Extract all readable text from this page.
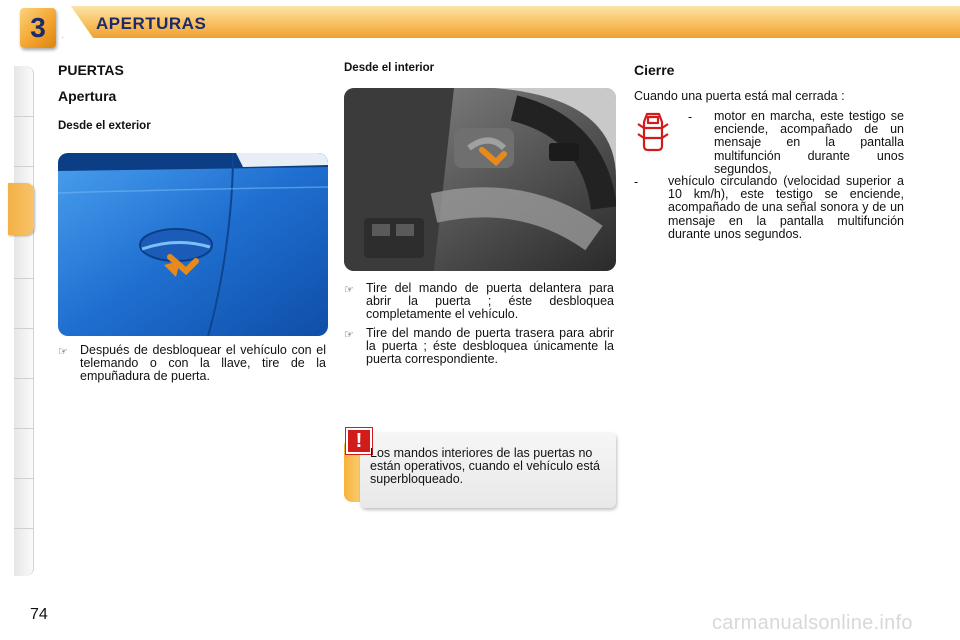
3	APERTURAS
PUERTAS
Apertura
Desde el exterior
☞ Después de desbloquear el vehículo con el telemando o con la llave, tire de la empuñadura de puerta.
Desde el interior
☞ Tire del mando de puerta delantera para abrir la puerta ; éste desbloquea completamente el vehículo.
☞ Tire del mando de puerta trasera para abrir la puerta ; éste desbloquea únicamente la puerta correspondiente.
!
Los mandos interiores de las puertas no están operativos, cuando el vehículo está superbloqueado.
Cierre
Cuando una puerta está mal cerrada :
-	motor en marcha, este testigo se enciende, acompañado de un mensaje en la pantalla multifunción durante unos segundos,
-	vehículo circulando (velocidad superior a 10 km/h), este testigo se enciende, acompañado de una señal sonora y de un mensaje en la pantalla multifunción durante unos segundos.
74	carmanualsonline.info
